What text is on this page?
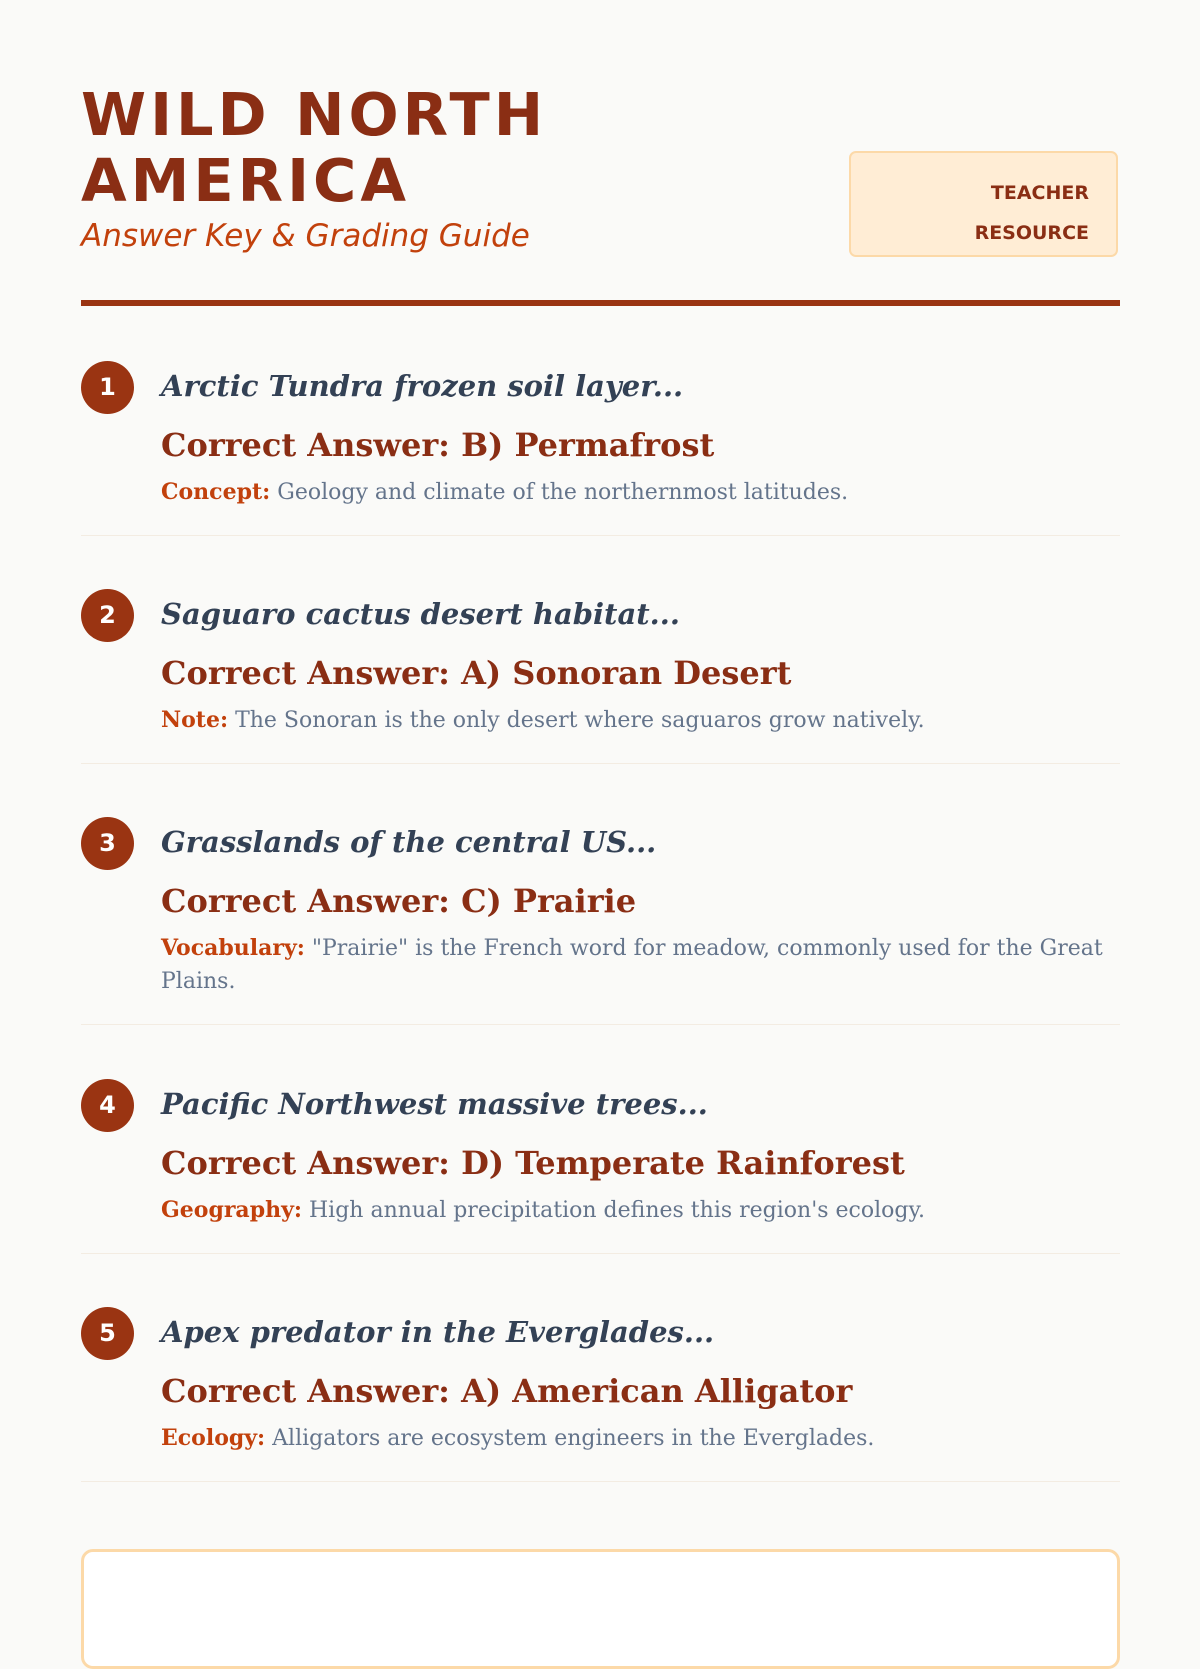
WILD NORTH
AMERICA

Answer Key & Grading Guide

TEACHER
RESOURCE
1	Arctic Tundra frozen soil layer...
Correct Answer: B) Permafrost
Concept: Geology and climate of the northernmost latitudes.
2	Saguaro cactus desert habitat...
Correct Answer: A) Sonoran Desert
Note: The Sonoran is the only desert where saguaros grow natively.
3	Grasslands of the central US...
Correct Answer: C) Prairie
Vocabulary: "Prairie" is the French word for meadow, commonly used for the Great Plains.
4	Pacific Northwest massive trees...
Correct Answer: D) Temperate Rainforest
Geography: High annual precipitation defines this region's ecology.
5	Apex predator in the Everglades...
Correct Answer: A) American Alligator
Ecology: Alligators are ecosystem engineers in the Everglades.
